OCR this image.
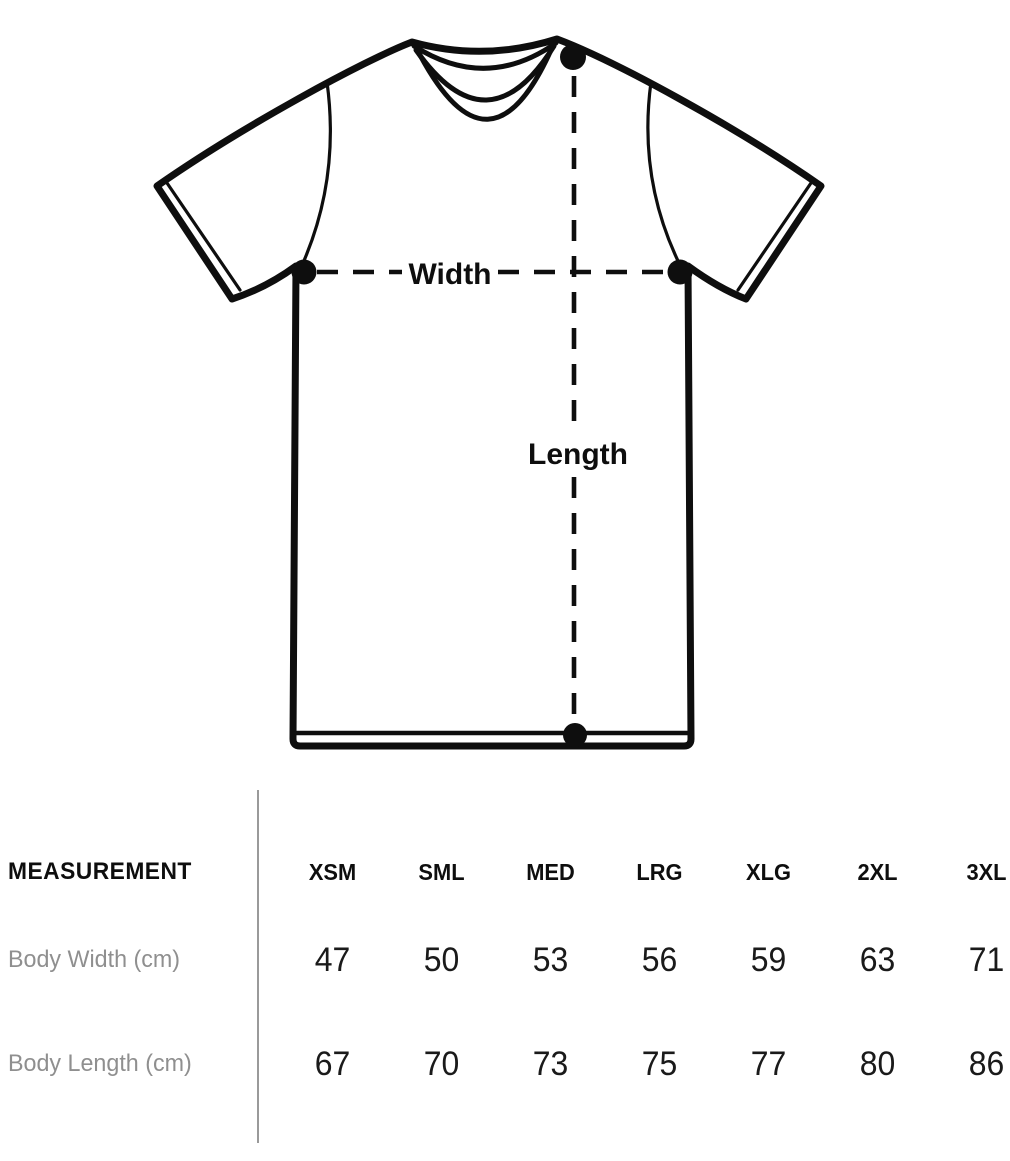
Width
Length
MEASUREMENT	XSM	SML	MED	LRG	XLG	2XL	3XL
Body Width (cm)	47	50	53	56	59	63	71
Body Length (cm)	67	70	73	75	77	80	86
